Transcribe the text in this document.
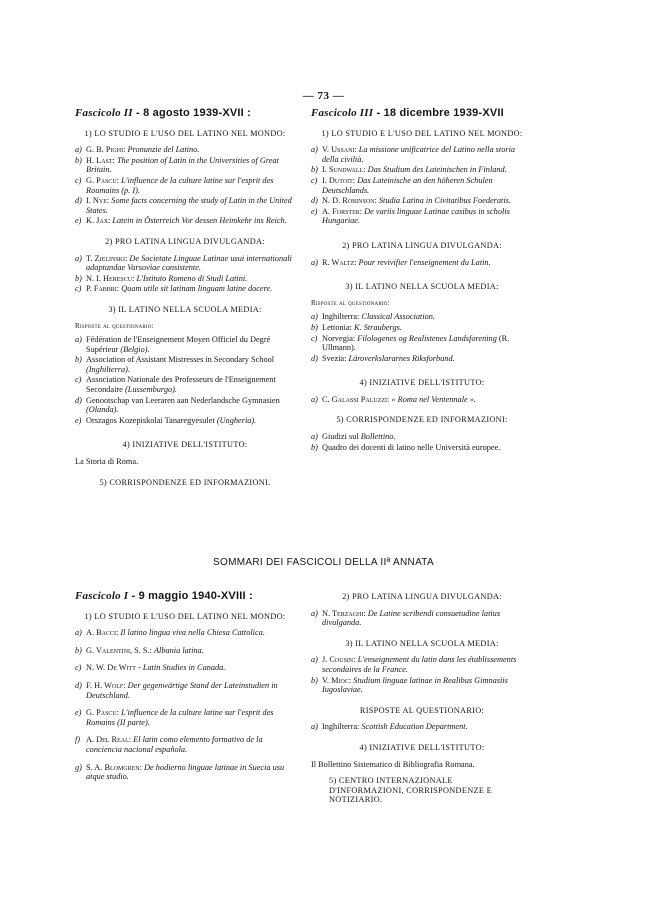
— 73 —
Fascicolo II - 8 agosto 1939-XVII :
1) LO STUDIO E L'USO DEL LATINO NEL MONDO:
a) G. B. Pighi: Pronunzie del Latino.
b) H. Last: The position of Latin in the Universities of Great Britain.
c) G. Pascu: L'influence de la culture latine sur l'esprit des Roumains (p. I).
d) I. Nye: Some facts concerning the study of Latin in the United States.
e) K. Jax: Latein in Österreich Vor dessen Heimkehr ins Reich.
2) PRO LATINA LINGUA DIVULGANDA:
a) T. Zielinski: De Societate Linguae Latinae usui internationali adaptandae Varsoviae consistente.
b) N. I. Herescu: L'Istituto Romeno di Studi Latini.
c) P. Fabbri: Quam utile sit latinam linguam latine docere.
3) IL LATINO NELLA SCUOLA MEDIA:
Risposte al questionario:
a) Fédération de l'Enseignement Moyen Officiel du Degré Supérieur (Belgio).
b) Association of Assistant Mistresses in Secondary School (Inghilterra).
c) Association Nationale des Professeurs de l'Enseignement Secondaire (Lussemburgo).
d) Genootschap van Leeraren aan Nederlandsche Gymnasien (Olanda).
e) Orszagos Kozepiskolai Tanaregyesulet (Ungheria).
4) INIZIATIVE DELL'ISTITUTO:
La Storia di Roma.
5) CORRISPONDENZE ED INFORMAZIONI.
Fascicolo III - 18 dicembre 1939-XVII
1) LO STUDIO E L'USO DEL LATINO NEL MONDO:
a) V. Ussani: La missione unificatrice del Latino nella storia della civiltà.
b) I. Sundwall: Das Studium des Lateinischen in Finland.
c) I. Dutoit: Das Lateinische an den höheren Schulen Deutschlands.
d) N. D. Robinson: Studia Latina in Civitatibus Foederatis.
e) A. Forster: De variis linguae Latinae casibus in scholis Hungariae.
2) PRO LATINA LINGUA DIVULGANDA:
a) R. Waltz: Pour revivifier l'enseignement du Latin.
3) IL LATINO NELLA SCUOLA MEDIA:
Risposte al questionario:
a) Inghilterra: Classical Association.
b) Lettonia: K. Straubergs.
c) Norvegia: Filologenes og Realistenes Landsforening (R. Ullmann).
d) Svezia: Läroverkslararnes Riksforbund.
4) INIZIATIVE DELL'ISTITUTO:
a) C. Galassi Paluzzi: « Roma nel Ventennale ».
5) CORRISPONDENZE ED INFORMAZIONI:
a) Giudizi sul Bollettino.
b) Quadro dei docenti di latino nelle Università europee.
SOMMARI DEI FASCICOLI DELLA IIª ANNATA
Fascicolo I - 9 maggio 1940-XVIII :
1) LO STUDIO E L'USO DEL LATINO NEL MONDO:
a) A. Bacci: Il latino lingua viva nella Chiesa Cattolica.
b) G. Valentini, S. S.: Albania latina.
c) N. W. De Witt - Latin Studies in Canada.
d) F. H. Wolf: Der gegenwärtige Stand der Lateinstudien in Deutschland.
e) G. Pascu: L'influence de la culture latine sur l'esprit des Romains (II parte).
f) A. Del Real: El latin como elemento formativo de la conciencia nacional española.
g) S. A. Blomgren: De hodierno linguae latinae in Suecia usu atque studio.
2) PRO LATINA LINGUA DIVULGANDA:
a) N. Terzaghi: De Latine scribendi consuetudine latius divulganda.
3) IL LATINO NELLA SCUOLA MEDIA:
a) J. Cousin: L'enseignement du latin dans les établissements secondaires de la France.
b) V. Mioc: Studium linguae latinae in Realibus Gimnasiis Iugoslaviae.
RISPOSTE AL QUESTIONARIO:
a) Inghilterra: Scottish Education Department.
4) INIZIATIVE DELL'ISTITUTO:
Il Bollettino Sistematico di Bibliografia Romana.
5) CENTRO INTERNAZIONALE D'INFORMAZIONI, CORRISPONDENZE E NOTIZIARIO.
